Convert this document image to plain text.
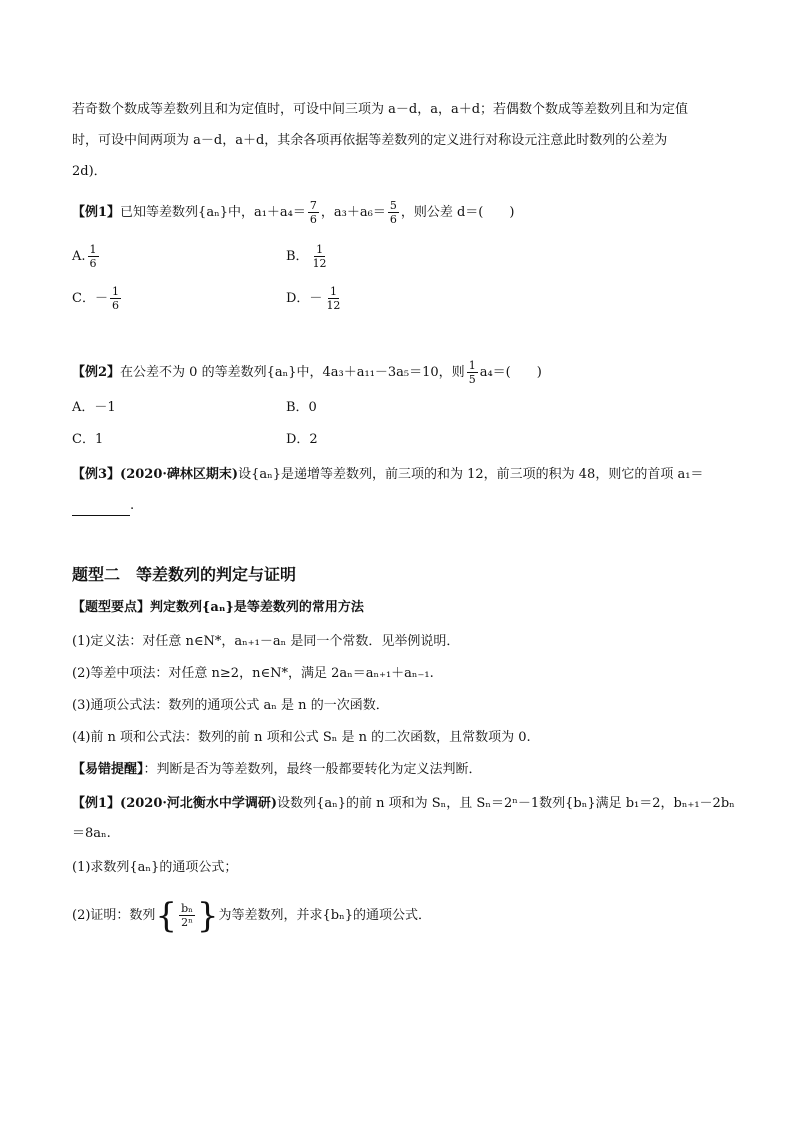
若奇数个数成等差数列且和为定值时，可设中间三项为 a－d，a，a＋d；若偶数个数成等差数列且和为定值
时，可设中间两项为 a－d，a＋d，其余各项再依据等差数列的定义进行对称设元注意此时数列的公差为
2d)．
【例1】已知等差数列{aₙ}中，$a_1+a_4= \frac{7}{6}$ ，$a_3+a_6= \frac{5}{6}$ ，则公差 d＝(　　)
A. $\frac{1}{6}$	B． $\frac{1}{12}$
C．－ $\frac{1}{6}$	D．－ $\frac{1}{12}$
【例2】在公差不为 0 的等差数列{aₙ}中，4a₃＋a₁₁－3a₅＝10，则 $\frac{1}{5} a_4=$(　　)
A．－1	B．0
C．1	D．2
【例3】(2020·碑林区期末)设{aₙ}是递增等差数列，前三项的和为 12，前三项的积为 48，则它的首项 a₁＝
.
题型二　等差数列的判定与证明
【题型要点】判定数列{aₙ}是等差数列的常用方法
(1)定义法：对任意 n∈N*，aₙ₊₁－aₙ 是同一个常数．见举例说明．
(2)等差中项法：对任意 n≥2，n∈N*，满足 2aₙ＝aₙ₊₁＋aₙ₋₁.
(3)通项公式法：数列的通项公式 aₙ 是 n 的一次函数．
(4)前 n 项和公式法：数列的前 n 项和公式 Sₙ 是 n 的二次函数，且常数项为 0.
【易错提醒】：判断是否为等差数列，最终一般都要转化为定义法判断．
【例1】(2020·河北衡水中学调研)设数列{aₙ}的前 n 项和为 Sₙ，且 Sₙ＝2ⁿ－1数列{bₙ}满足 b₁＝2，bₙ₊₁－2bₙ
＝8aₙ.
(1)求数列{aₙ}的通项公式；
(2)证明：数列 { $\frac{\text{bₙ}}{\text{2ⁿ}}$ } 为等差数列，并求{bₙ}的通项公式．
